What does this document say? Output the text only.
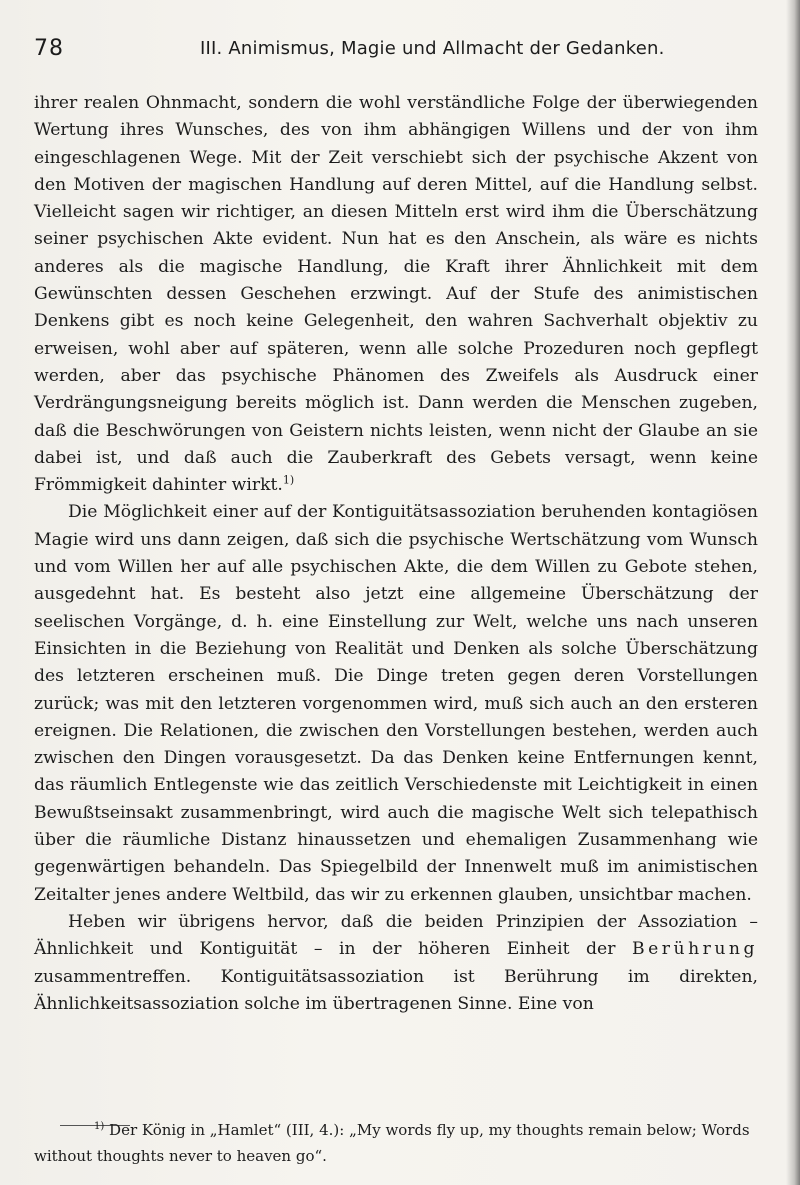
78	III. Animismus, Magie und Allmacht der Gedanken.

ihrer realen Ohnmacht, sondern die wohl verständliche Folge der überwiegenden Wertung ihres Wunsches, des von ihm abhängigen Willens und der von ihm eingeschlagenen Wege. Mit der Zeit verschiebt sich der psychische Akzent von den Motiven der magischen Handlung auf deren Mittel, auf die Handlung selbst. Vielleicht sagen wir richtiger, an diesen Mitteln erst wird ihm die Überschätzung seiner psychischen Akte evident. Nun hat es den Anschein, als wäre es nichts anderes als die magische Handlung, die Kraft ihrer Ähnlichkeit mit dem Gewünschten dessen Geschehen erzwingt. Auf der Stufe des animistischen Denkens gibt es noch keine Gelegenheit, den wahren Sachverhalt objektiv zu erweisen, wohl aber auf späteren, wenn alle solche Prozeduren noch gepflegt werden, aber das psychische Phänomen des Zweifels als Ausdruck einer Verdrängungsneigung bereits möglich ist. Dann werden die Menschen zugeben, daß die Beschwörungen von Geistern nichts leisten, wenn nicht der Glaube an sie dabei ist, und daß auch die Zauberkraft des Gebets versagt, wenn keine Frömmigkeit dahinter wirkt.$^{1)}$

Die Möglichkeit einer auf der Kontiguitätsassoziation beruhenden kontagiösen Magie wird uns dann zeigen, daß sich die psychische Wertschätzung vom Wunsch und vom Willen her auf alle psychischen Akte, die dem Willen zu Gebote stehen, ausgedehnt hat. Es besteht also jetzt eine allgemeine Überschätzung der seelischen Vorgänge, d. h. eine Einstellung zur Welt, welche uns nach unseren Einsichten in die Beziehung von Realität und Denken als solche Überschätzung des letzteren erscheinen muß. Die Dinge treten gegen deren Vorstellungen zurück; was mit den letzteren vorgenommen wird, muß sich auch an den ersteren ereignen. Die Relationen, die zwischen den Vorstellungen bestehen, werden auch zwischen den Dingen vorausgesetzt. Da das Denken keine Entfernungen kennt, das räumlich Entlegenste wie das zeitlich Verschiedenste mit Leichtigkeit in einen Bewußtseinsakt zusammenbringt, wird auch die magische Welt sich telepathisch über die räumliche Distanz hinaussetzen und ehemaligen Zusammenhang wie gegenwärtigen behandeln. Das Spiegelbild der Innenwelt muß im animistischen Zeitalter jenes andere Weltbild, das wir zu erkennen glauben, unsichtbar machen.

Heben wir übrigens hervor, daß die beiden Prinzipien der Assoziation – Ähnlichkeit und Kontiguität – in der höheren Einheit der Berührung zusammentreffen. Kontiguitätsassoziation ist Berührung im direkten, Ähnlichkeitsassoziation solche im übertragenen Sinne. Eine von

$^{1)}$ Der König in „Hamlet“ (III, 4.): „My words fly up, my thoughts remain below; Words without thoughts never to heaven go“.
